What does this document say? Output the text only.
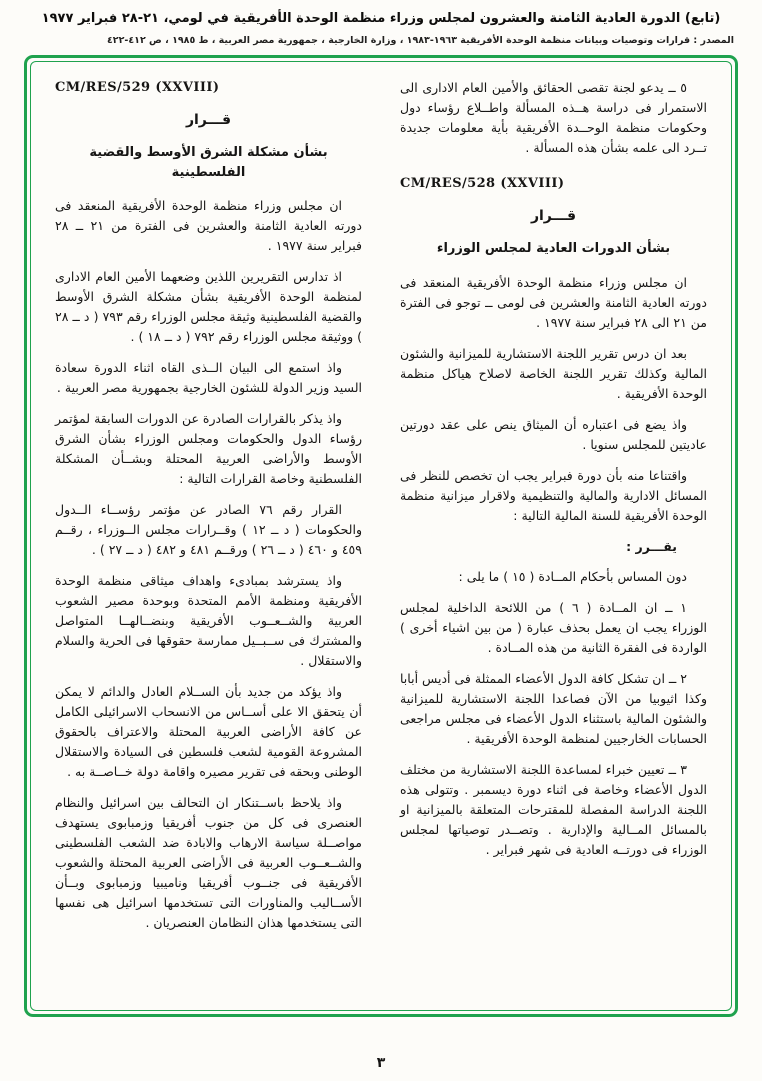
(تابع) الدورة العادية الثامنة والعشرون لمجلس وزراء منظمة الوحدة الأفريقية في لومي، ٢١-٢٨ فبراير ١٩٧٧
المصدر : قرارات وتوصيات وبيانات منظمة الوحدة الأفريقية ١٩٦٣-١٩٨٣ ، وزارة الخارجية ، جمهورية مصر العربية ، ط ١٩٨٥ ، ص ٤١٢-٤٢٢

٥ ــ يدعو لجنة تقصى الحقائق والأمين العام الادارى الى الاستمرار فى دراسة هــذه المسألة واطــلاع رؤساء دول وحكومات منظمة الوحــدة الأفريقية بأية معلومات جديدة تــرد الى علمه بشأن هذه المسألة .

CM/RES/528 (XXVIII)

قـــرار
بشأن الدورات العادية لمجلس الوزراء

ان مجلس وزراء منظمة الوحدة الأفريقية المنعقد فى دورته العادية الثامنة والعشرين فى لومى ــ توجو فى الفترة من ٢١ الى ٢٨ فبراير سنة ١٩٧٧ .

بعد ان درس تقرير اللجنة الاستشارية للميزانية والشئون المالية وكذلك تقرير اللجنة الخاصة لاصلاح هياكل منظمة الوحدة الأفريقية .

واذ يضع فى اعتباره أن الميثاق ينص على عقد دورتين عاديتين للمجلس سنويا .

واقتناعا منه بأن دورة فبراير يجب ان تخصص للنظر فى المسائل الادارية والمالية والتنظيمية ولاقرار ميزانية منظمة الوحدة الأفريقية للسنة المالية التالية :

يقـــرر :

دون المساس بأحكام المــادة ( ١٥ ) ما يلى :

١ ــ ان المــادة ( ٦ ) من اللائحة الداخلية لمجلس الوزراء يجب ان يعمل بحذف عبارة ( من بين اشياء أخرى ) الواردة فى الفقرة الثانية من هذه المــادة .

٢ ــ ان تشكل كافة الدول الأعضاء الممثلة فى أديس أبابا وكذا اثيوبيا من الآن فصاعدا اللجنة الاستشارية للميزانية والشئون المالية باستثناء الدول الأعضاء فى مجلس مراجعى الحسابات الخارجيين لمنظمة الوحدة الأفريقية .

٣ ــ تعيين خبراء لمساعدة اللجنة الاستشارية من مختلف الدول الأعضاء وخاصة فى اثناء دورة ديسمبر . وتتولى هذه اللجنة الدراسة المفصلة للمقترحات المتعلقة بالميزانية او بالمسائل المــالية والإدارية . وتصــدر توصياتها لمجلس الوزراء فى دورتــه العادية فى شهر فبراير .

CM/RES/529 (XXVIII)

قـــرار
بشأن مشكلة الشرق الأوسط والقضية الفلسطينية

ان مجلس وزراء منظمة الوحدة الأفريقية المنعقد فى دورته العادية الثامنة والعشرين فى الفترة من ٢١ ــ ٢٨ فبراير سنة ١٩٧٧ .

اذ تدارس التقريرين اللذين وضعهما الأمين العام الادارى لمنظمة الوحدة الأفريقية بشأن مشكلة الشرق الأوسط والقضية الفلسطينية وثيقة مجلس الوزراء رقم ٧٩٣ ( د ــ ٢٨ ) ووثيقة مجلس الوزراء رقم ٧٩٢ ( د ــ ١٨ ) .

واذ استمع الى البيان الــذى القاه اثناء الدورة سعادة السيد وزير الدولة للشئون الخارجية بجمهورية مصر العربية .

واذ يذكر بالقرارات الصادرة عن الدورات السابقة لمؤتمر رؤساء الدول والحكومات ومجلس الوزراء بشأن الشرق الأوسط والأراضى العربية المحتلة وبشــأن المشكلة الفلسطنية وخاصة القرارات التالية :

القرار رقم ٧٦ الصادر عن مؤتمر رؤســاء الــدول والحكومات ( د ــ ١٢ ) وقــرارات مجلس الــوزراء ، رقــم ٤٥٩ و ٤٦٠ ( د ــ ٢٦ ) ورقــم ٤٨١ و ٤٨٢ ( د ــ ٢٧ ) .

واذ يسترشد بمبادىء واهداف ميثاقى منظمة الوحدة الأفريقية ومنظمة الأمم المتحدة وبوحدة مصير الشعوب العربية والشــعــوب الأفريقية وبنضــالهــا المتواصل والمشترك فى ســبــيل ممارسة حقوقها فى الحرية والسلام والاستقلال .

واذ يؤكد من جديد بأن الســلام العادل والدائم لا يمكن أن يتحقق الا على أســاس من الانسحاب الاسرائيلى الكامل عن كافة الأراضى العربية المحتلة والاعتراف بالحقوق المشروعة القومية لشعب فلسطين فى السيادة والاستقلال الوطنى وبحقه فى تقرير مصيره واقامة دولة خــاصــة به .

واذ يلاحظ باســتنكار ان التحالف بين اسرائيل والنظام العنصرى فى كل من جنوب أفريقيا وزمبابوى يستهدف مواصــلة سياسة الارهاب والابادة ضد الشعب الفلسطينى والشــعــوب العربية فى الأراضى العربية المحتلة والشعوب الأفريقية فى جنــوب أفريقيا وناميبيا وزمبابوى وبــأن الأســاليب والمناورات التى تستخدمها اسرائيل هى نفسها التى يستخدمها هذان النظامان العنصريان .

٣
